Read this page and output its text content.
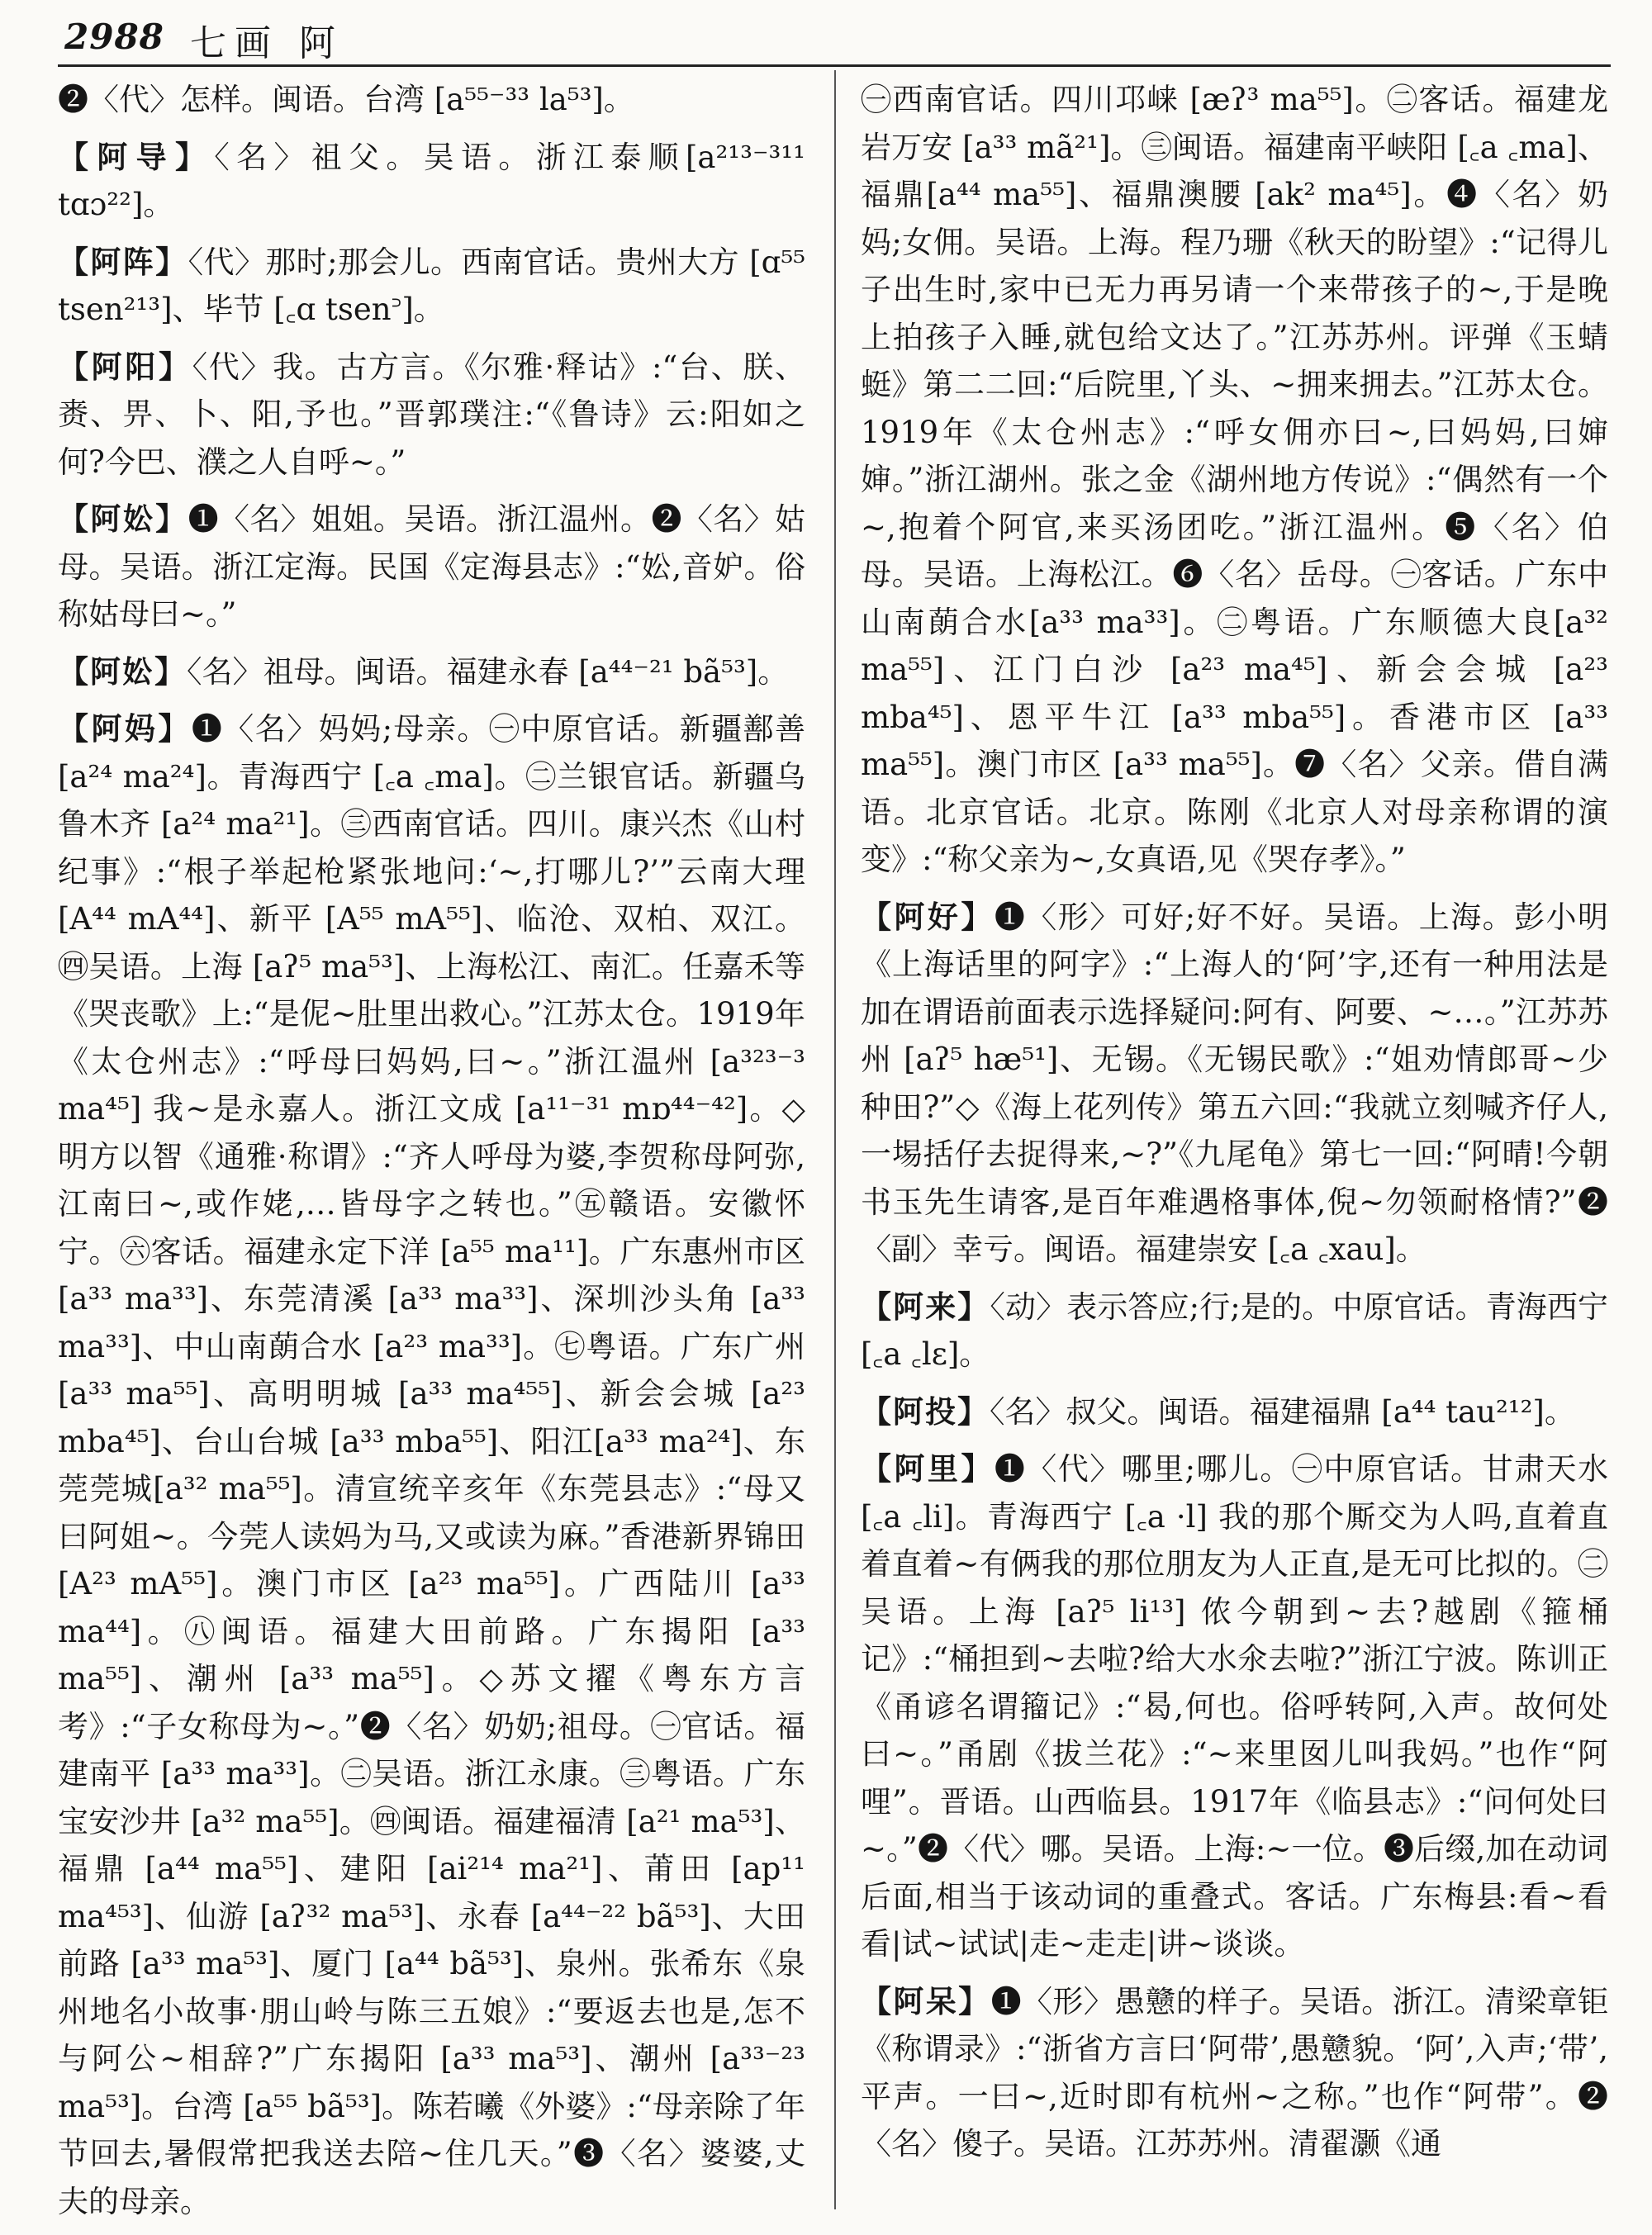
2988 七画 阿

❷〈代〉怎样。闽语。台湾 [a⁵⁵⁻³³ la⁵³]。

【阿导】〈名〉祖父。吴语。浙江泰顺[a²¹³⁻³¹¹ tɑɔ²²]。

【阿阵】〈代〉那时;那会儿。西南官话。贵州大方 [ɑ⁵⁵ tsen²¹³]、毕节 [꜀ɑ tsen꜄]。

【阿阳】〈代〉我。古方言。《尔雅·释诂》:“台、朕、赉、畀、卜、阳,予也。”晋郭璞注:“《鲁诗》云:阳如之何?今巴、濮之人自呼~。”

【阿妐】❶〈名〉姐姐。吴语。浙江温州。❷〈名〉姑母。吴语。浙江定海。民国《定海县志》:“妐,音妒。俗称姑母曰~。”

【阿妐】〈名〉祖母。闽语。福建永春 [a⁴⁴⁻²¹ bã⁵³]。

【阿妈】❶〈名〉妈妈;母亲。㊀中原官话。新疆鄯善 [a²⁴ ma²⁴]。青海西宁 [꜀a ꜀ma]。㊁兰银官话。新疆乌鲁木齐 [a²⁴ ma²¹]。㊂西南官话。四川。康兴杰《山村纪事》:“根子举起枪紧张地问:‘~,打哪儿?’”云南大理 [A⁴⁴ mA⁴⁴]、新平 [A⁵⁵ mA⁵⁵]、临沧、双柏、双江。㊃吴语。上海 [aʔ⁵ ma⁵³]、上海松江、南汇。任嘉禾等《哭丧歌》上:“是伲~肚里出救心。”江苏太仓。1919年《太仓州志》:“呼母曰妈妈,曰~。”浙江温州 [a³²³⁻³ ma⁴⁵] 我~是永嘉人。浙江文成 [a¹¹⁻³¹ mɒ⁴⁴⁻⁴²]。◇明方以智《通雅·称谓》:“齐人呼母为婆,李贺称母阿弥,江南曰~,或作姥,…皆母字之转也。”㊄赣语。安徽怀宁。㊅客话。福建永定下洋 [a⁵⁵ ma¹¹]。广东惠州市区 [a³³ ma³³]、东莞清溪 [a³³ ma³³]、深圳沙头角 [a³³ ma³³]、中山南蓢合水 [a²³ ma³³]。㊆粤语。广东广州 [a³³ ma⁵⁵]、高明明城 [a³³ ma⁴⁵⁵]、新会会城 [a²³ mba⁴⁵]、台山台城 [a³³ mba⁵⁵]、阳江[a³³ ma²⁴]、东莞莞城[a³² ma⁵⁵]。清宣统辛亥年《东莞县志》:“母又曰阿姐~。今莞人读妈为马,又或读为麻。”香港新界锦田 [A²³ mA⁵⁵]。澳门市区 [a²³ ma⁵⁵]。广西陆川 [a³³ ma⁴⁴]。㊇闽语。福建大田前路。广东揭阳 [a³³ ma⁵⁵]、潮州 [a³³ ma⁵⁵]。◇苏文擢《粤东方言考》:“子女称母为~。”❷〈名〉奶奶;祖母。㊀官话。福建南平 [a³³ ma³³]。㊁吴语。浙江永康。㊂粤语。广东宝安沙井 [a³² ma⁵⁵]。㊃闽语。福建福清 [a²¹ ma⁵³]、福鼎 [a⁴⁴ ma⁵⁵]、建阳 [ai²¹⁴ ma²¹]、莆田 [ap¹¹ ma⁴⁵³]、仙游 [aʔ³² ma⁵³]、永春 [a⁴⁴⁻²² bã⁵³]、大田前路 [a³³ ma⁵³]、厦门 [a⁴⁴ bã⁵³]、泉州。张希东《泉州地名小故事·朋山岭与陈三五娘》:“要返去也是,怎不与阿公~相辞?”广东揭阳 [a³³ ma⁵³]、潮州 [a³³⁻²³ ma⁵³]。台湾 [a⁵⁵ bã⁵³]。陈若曦《外婆》:“母亲除了年节回去,暑假常把我送去陪~住几天。”❸〈名〉婆婆,丈夫的母亲。

㊀西南官话。四川邛崃 [æʔ³ ma⁵⁵]。㊁客话。福建龙岩万安 [a³³ mã²¹]。㊂闽语。福建南平峡阳 [꜀a ꜀ma]、福鼎[a⁴⁴ ma⁵⁵]、福鼎澳腰 [ak² ma⁴⁵]。❹〈名〉奶妈;女佣。吴语。上海。程乃珊《秋天的盼望》:“记得儿子出生时,家中已无力再另请一个来带孩子的~,于是晚上拍孩子入睡,就包给文达了。”江苏苏州。评弹《玉蜻蜓》第二二回:“后院里,丫头、~拥来拥去。”江苏太仓。1919年《太仓州志》:“呼女佣亦曰~,曰妈妈,曰婶婶。”浙江湖州。张之金《湖州地方传说》:“偶然有一个~,抱着个阿官,来买汤团吃。”浙江温州。❺〈名〉伯母。吴语。上海松江。❻〈名〉岳母。㊀客话。广东中山南蓢合水[a³³ ma³³]。㊁粤语。广东顺德大良[a³² ma⁵⁵]、江门白沙 [a²³ ma⁴⁵]、新会会城 [a²³ mba⁴⁵]、恩平牛江 [a³³ mba⁵⁵]。香港市区 [a³³ ma⁵⁵]。澳门市区 [a³³ ma⁵⁵]。❼〈名〉父亲。借自满语。北京官话。北京。陈刚《北京人对母亲称谓的演变》:“称父亲为~,女真语,见《哭存孝》。”

【阿好】❶〈形〉可好;好不好。吴语。上海。彭小明《上海话里的阿字》:“上海人的‘阿’字,还有一种用法是加在谓语前面表示选择疑问:阿有、阿要、~…。”江苏苏州 [aʔ⁵ hæ⁵¹]、无锡。《无锡民歌》:“姐劝情郎哥~少种田?”◇《海上花列传》第五六回:“我就立刻喊齐仔人,一埸括仔去捉得来,~?”《九尾龟》第七一回:“阿晴!今朝书玉先生请客,是百年难遇格事体,倪~勿领耐格情?”❷〈副〉幸亏。闽语。福建崇安 [꜀a ꜀xau]。

【阿来】〈动〉表示答应;行;是的。中原官话。青海西宁 [꜀a ꜀lɛ]。

【阿投】〈名〉叔父。闽语。福建福鼎 [a⁴⁴ tau²¹²]。

【阿里】❶〈代〉哪里;哪儿。㊀中原官话。甘肃天水 [꜀a ꜀li]。青海西宁 [꜀a ·l] 我的那个厮交为人吗,直着直着直着~有俩我的那位朋友为人正直,是无可比拟的。㊁吴语。上海 [aʔ⁵ li¹³] 侬今朝到~去?越剧《箍桶记》:“桶担到~去啦?给大水氽去啦?”浙江宁波。陈训正《甬谚名谓籀记》:“曷,何也。俗呼转阿,入声。故何处曰~。”甬剧《拔兰花》:“~来里囡儿叫我妈。”也作“阿哩”。晋语。山西临县。1917年《临县志》:“问何处曰~。”❷〈代〉哪。吴语。上海:~一位。❸后缀,加在动词后面,相当于该动词的重叠式。客话。广东梅县:看~看看|试~试试|走~走走|讲~谈谈。

【阿呆】❶〈形〉愚戆的样子。吴语。浙江。清梁章钜《称谓录》:“浙省方言曰‘阿带’,愚戆貌。‘阿’,入声;‘带’,平声。一曰~,近时即有杭州~之称。”也作“阿带”。❷〈名〉傻子。吴语。江苏苏州。清翟灏《通
